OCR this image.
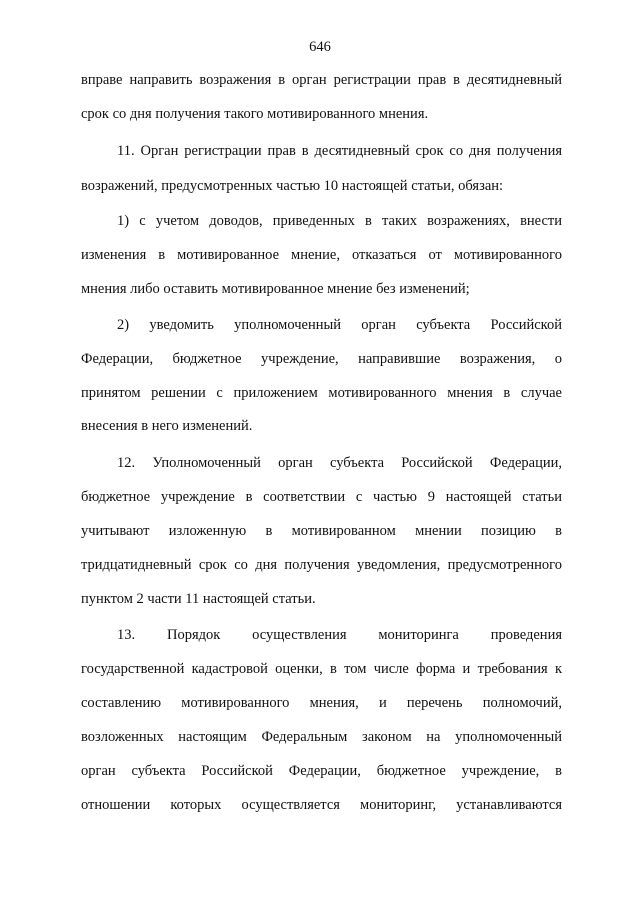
646
вправе направить возражения в орган регистрации прав в десятидневный
срок со дня получения такого мотивированного мнения.
11. Орган регистрации прав в десятидневный срок со дня получения
возражений, предусмотренных частью 10 настоящей статьи, обязан:
1) с учетом доводов, приведенных в таких возражениях, внести
изменения в мотивированное мнение, отказаться от мотивированного
мнения либо оставить мотивированное мнение без изменений;
2) уведомить уполномоченный орган субъекта Российской
Федерации, бюджетное учреждение, направившие возражения, о
принятом решении с приложением мотивированного мнения в случае
внесения в него изменений.
12. Уполномоченный орган субъекта Российской Федерации,
бюджетное учреждение в соответствии с частью 9 настоящей статьи
учитывают изложенную в мотивированном мнении позицию в
тридцатидневный срок со дня получения уведомления, предусмотренного
пунктом 2 части 11 настоящей статьи.
13. Порядок осуществления мониторинга проведения
государственной кадастровой оценки, в том числе форма и требования к
составлению мотивированного мнения, и перечень полномочий,
возложенных настоящим Федеральным законом на уполномоченный
орган субъекта Российской Федерации, бюджетное учреждение, в
отношении которых осуществляется мониторинг, устанавливаются
